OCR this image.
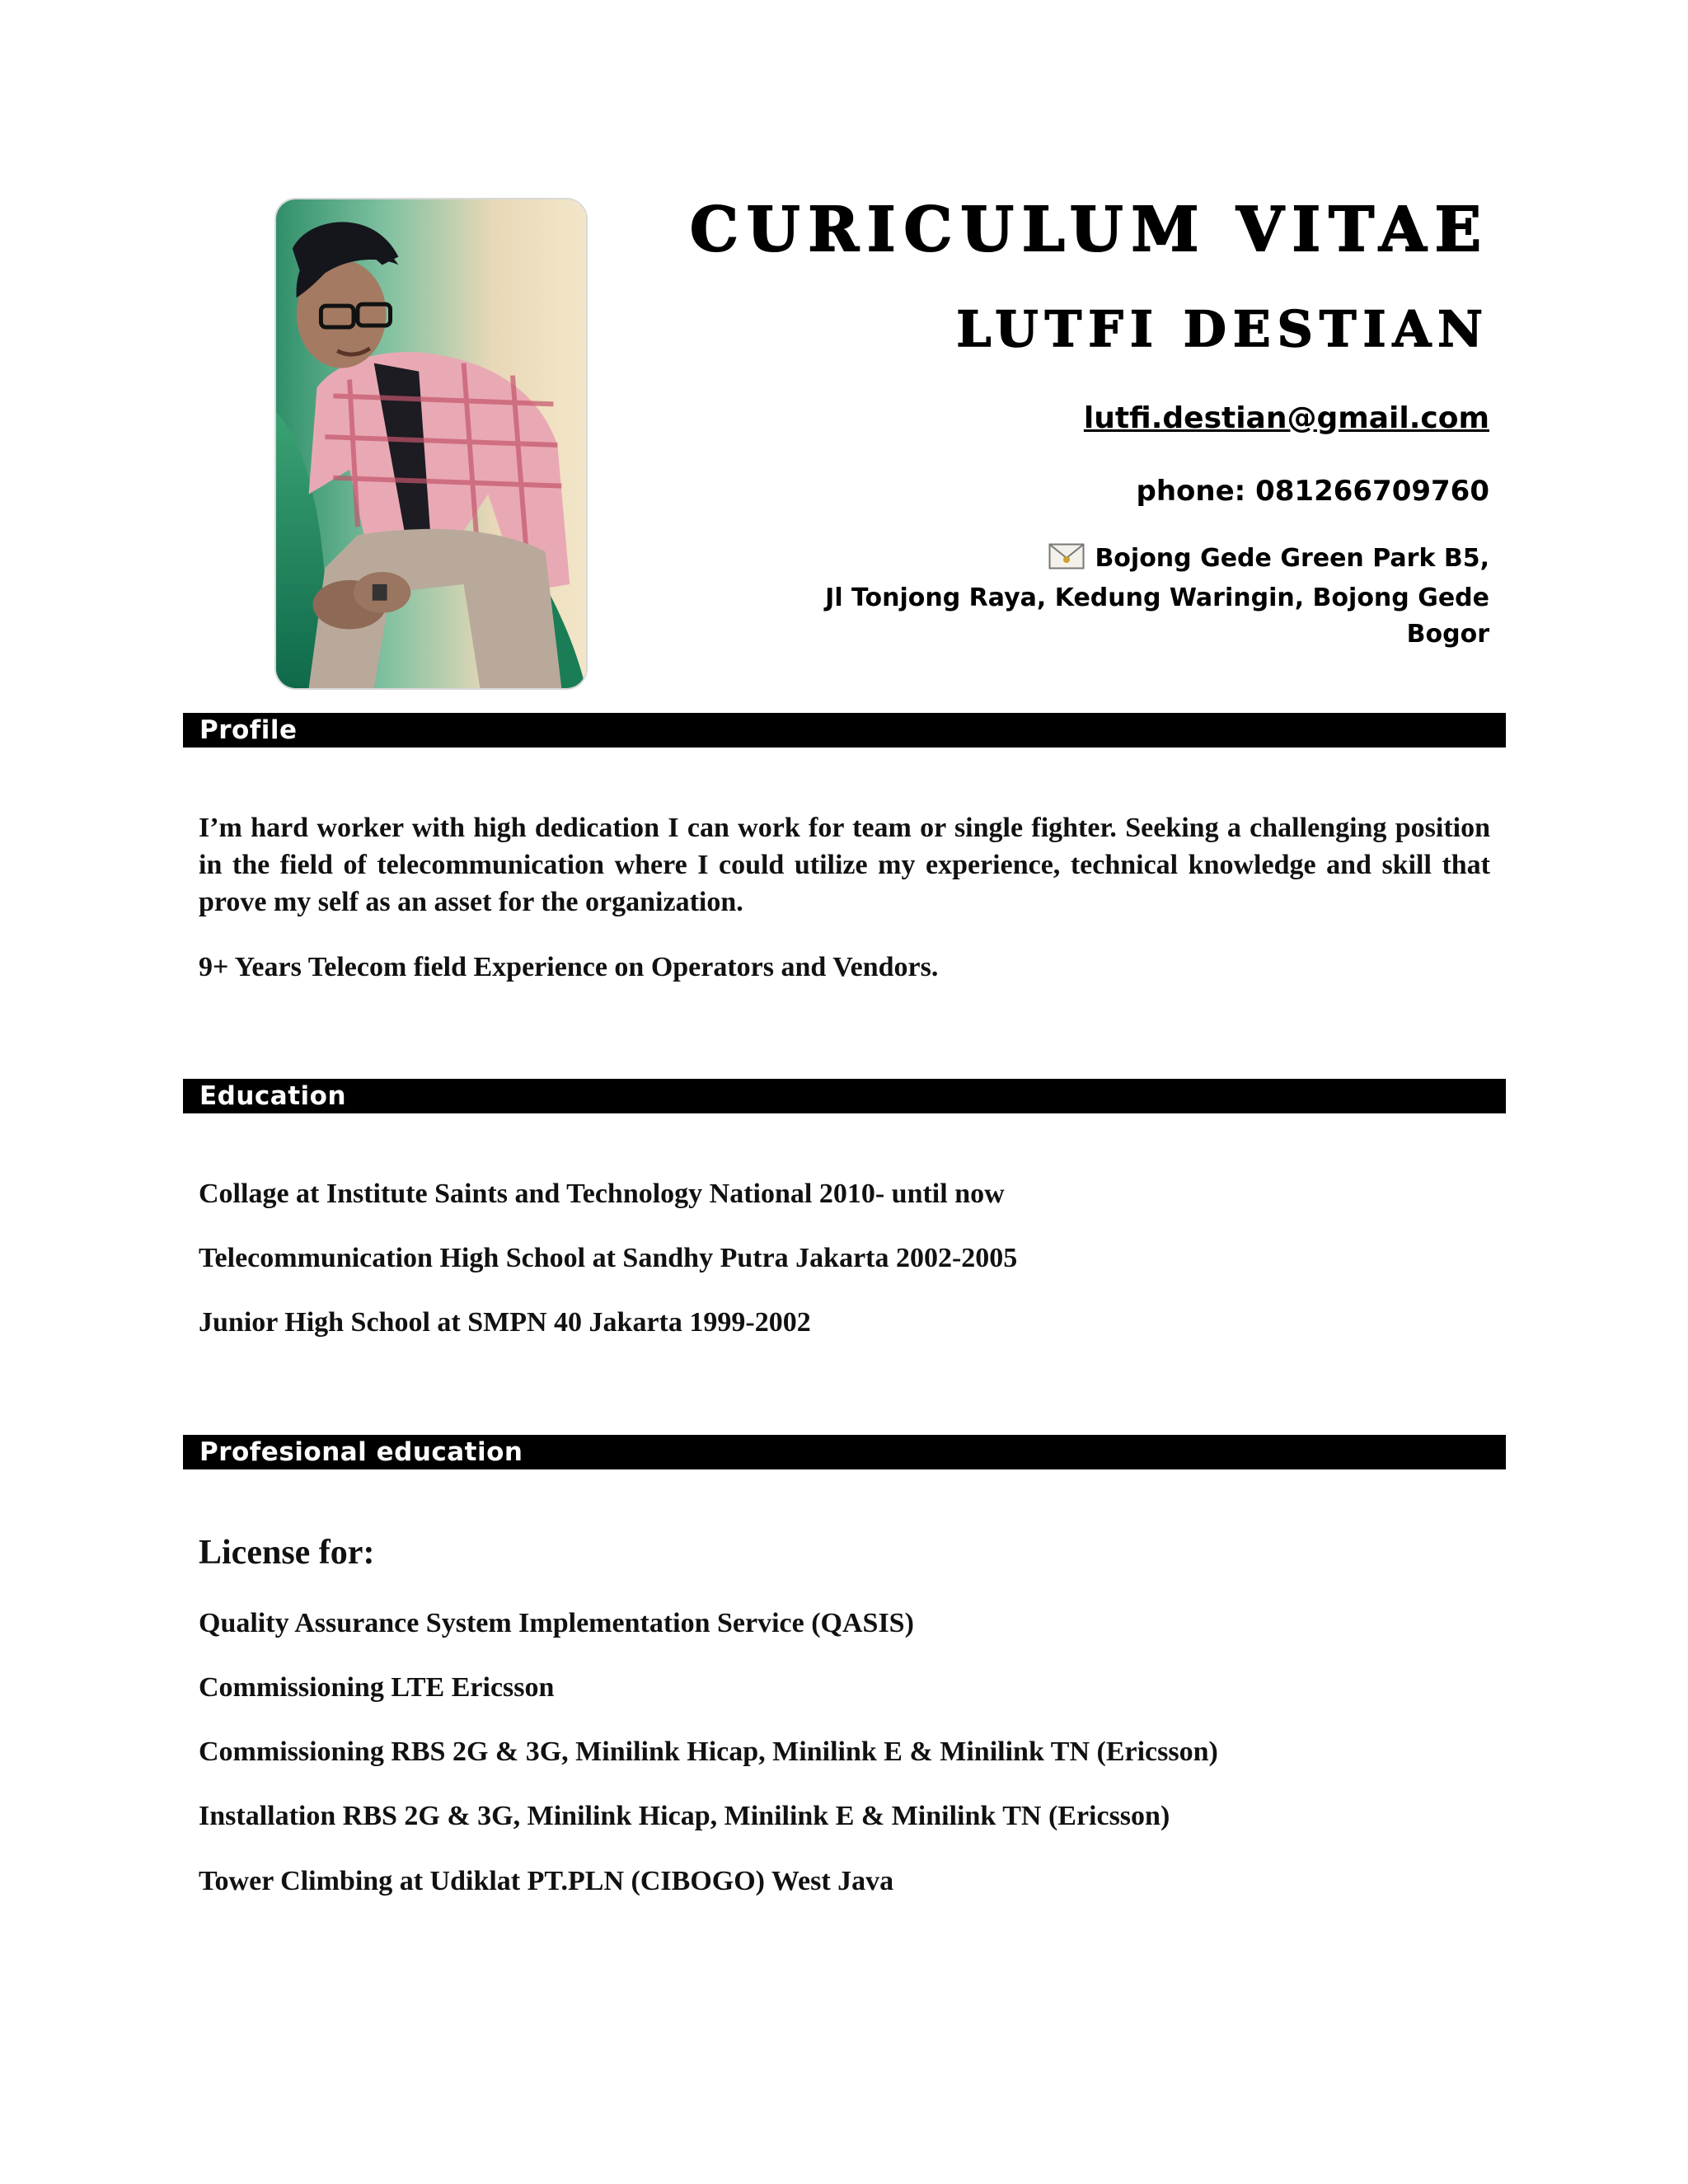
CURICULUM VITAE
LUTFI DESTIAN
lutfi.destian@gmail.com
phone: 081266709760
Bojong Gede Green Park B5,
Jl Tonjong Raya, Kedung Waringin, Bojong Gede
Bogor
Profile
I’m hard worker with high dedication I can work for team or single fighter. Seeking a challenging position in the field of telecommunication where I could utilize my experience, technical knowledge and skill that prove my self as an asset for the organization.
9+ Years Telecom field Experience on Operators and Vendors.
Education
Collage at Institute Saints and Technology National 2010- until now
Telecommunication High School at Sandhy Putra Jakarta 2002-2005
Junior High School at SMPN 40 Jakarta 1999-2002
Profesional education
License for:
Quality Assurance System Implementation Service (QASIS)
Commissioning LTE Ericsson
Commissioning RBS 2G & 3G, Minilink Hicap, Minilink E & Minilink TN (Ericsson)
Installation RBS 2G & 3G, Minilink Hicap, Minilink E & Minilink TN (Ericsson)
Tower Climbing at Udiklat PT.PLN (CIBOGO) West Java
